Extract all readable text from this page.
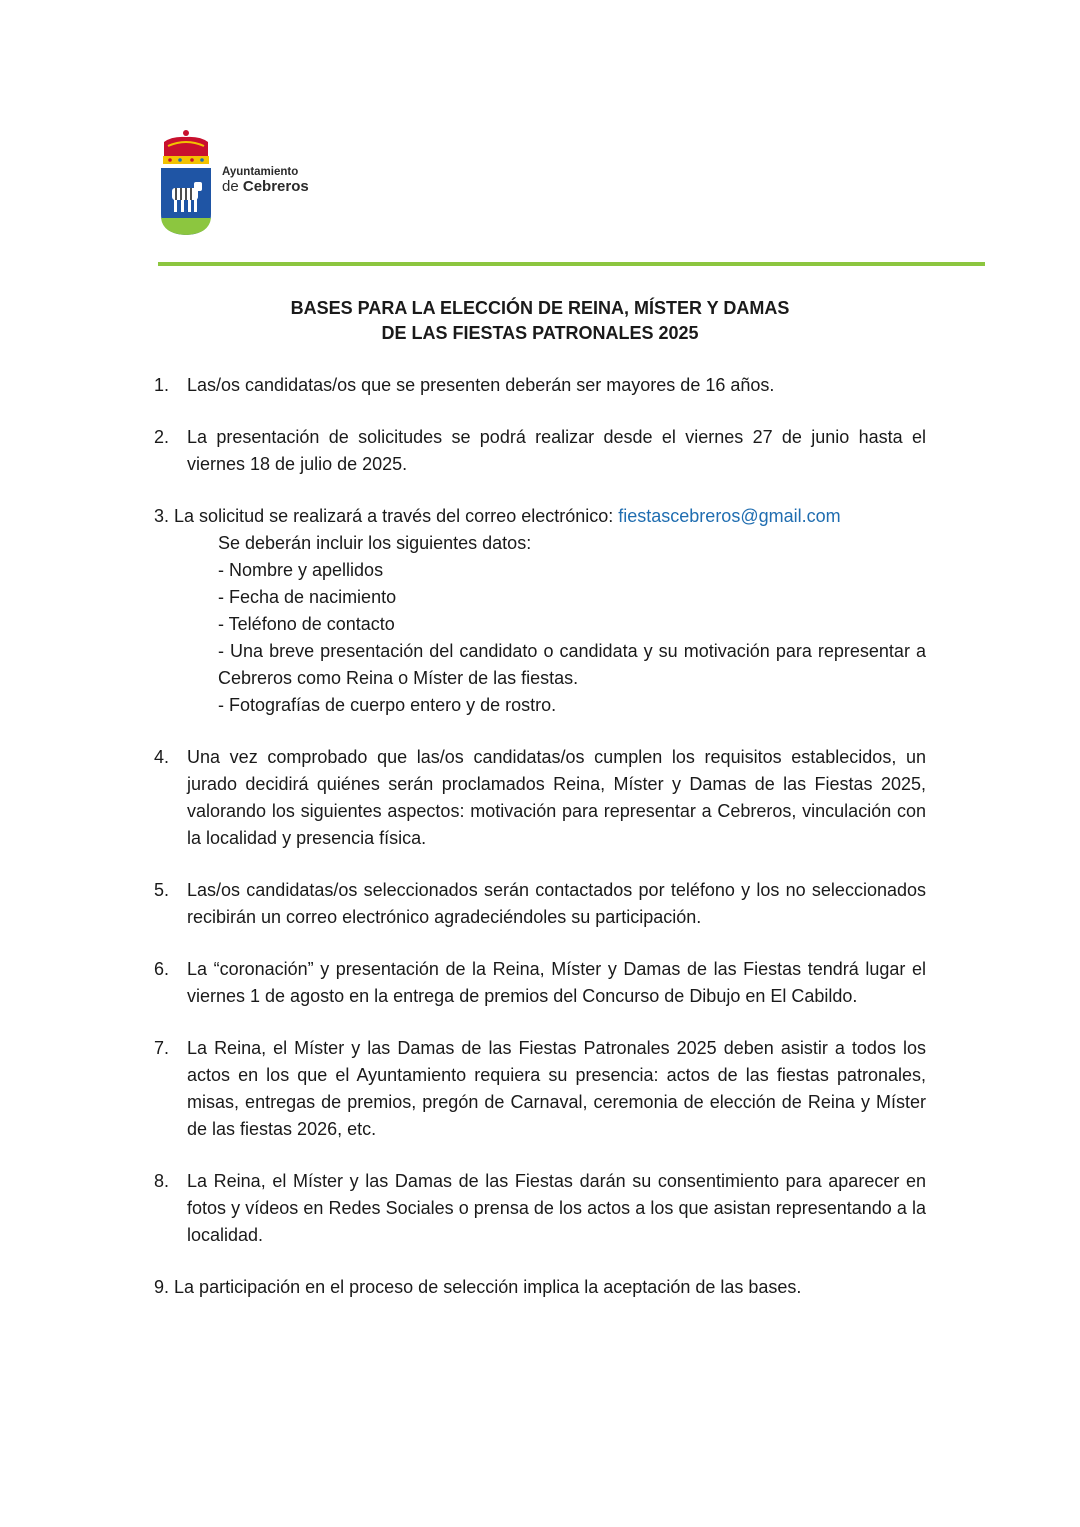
Ayuntamiento
de Cebreros
BASES PARA LA ELECCIÓN DE REINA, MÍSTER Y DAMAS
DE LAS FIESTAS PATRONALES 2025
1. Las/os candidatas/os que se presenten deberán ser mayores de 16 años.
2. La presentación de solicitudes se podrá realizar desde el viernes 27 de junio hasta el viernes 18 de julio de 2025.
3. La solicitud se realizará a través del correo electrónico: fiestascebreros@gmail.com
Se deberán incluir los siguientes datos:
- Nombre y apellidos
- Fecha de nacimiento
- Teléfono de contacto
- Una breve presentación del candidato o candidata y su motivación para representar a Cebreros como Reina o Míster de las fiestas.
- Fotografías de cuerpo entero y de rostro.
4. Una vez comprobado que las/os candidatas/os cumplen los requisitos establecidos, un jurado decidirá quiénes serán proclamados Reina, Míster y Damas de las Fiestas 2025, valorando los siguientes aspectos: motivación para representar a Cebreros, vinculación con la localidad y presencia física.
5. Las/os candidatas/os seleccionados serán contactados por teléfono y los no seleccionados recibirán un correo electrónico agradeciéndoles su participación.
6. La “coronación” y presentación de la Reina, Míster y Damas de las Fiestas tendrá lugar el viernes 1 de agosto en la entrega de premios del Concurso de Dibujo en El Cabildo.
7. La Reina, el Míster y las Damas de las Fiestas Patronales 2025 deben asistir a todos los actos en los que el Ayuntamiento requiera su presencia: actos de las fiestas patronales, misas, entregas de premios, pregón de Carnaval, ceremonia de elección de Reina y Míster de las fiestas 2026, etc.
8. La Reina, el Míster y las Damas de las Fiestas darán su consentimiento para aparecer en fotos y vídeos en Redes Sociales o prensa de los actos a los que asistan representando a la localidad.
9. La participación en el proceso de selección implica la aceptación de las bases.
